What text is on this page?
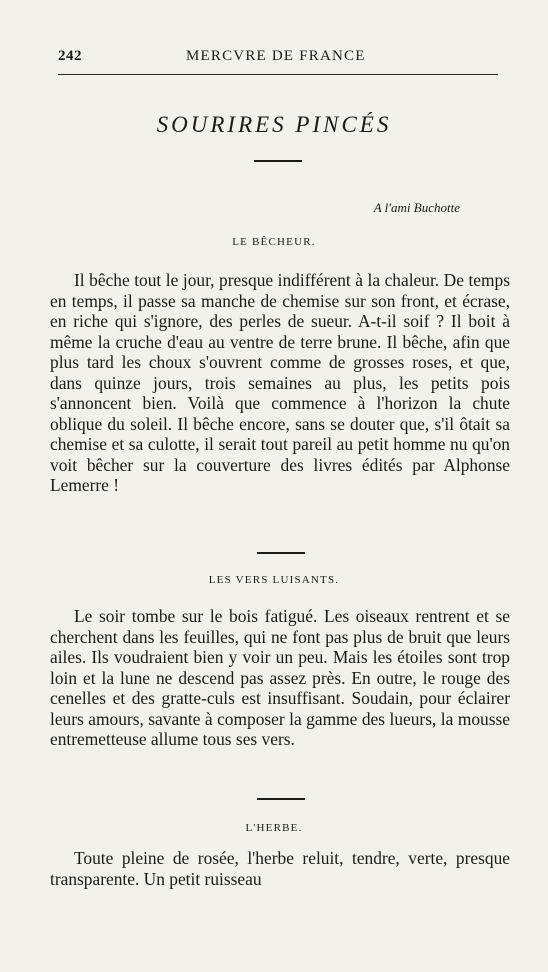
242	MERCVRE DE FRANCE
SOURIRES PINCÉS
A l'ami Buchotte
LE BÊCHEUR.

Il bêche tout le jour, presque indifférent à la chaleur. De temps en temps, il passe sa manche de chemise sur son front, et écrase, en riche qui s'ignore, des perles de sueur. A-t-il soif ? Il boit à même la cruche d'eau au ventre de terre brune. Il bêche, afin que plus tard les choux s'ouvrent comme de grosses roses, et que, dans quinze jours, trois semaines au plus, les petits pois s'annoncent bien. Voilà que commence à l'horizon la chute oblique du soleil. Il bêche encore, sans se douter que, s'il ôtait sa chemise et sa culotte, il serait tout pareil au petit homme nu qu'on voit bêcher sur la couverture des livres édités par Alphonse Lemerre !

LES VERS LUISANTS.

Le soir tombe sur le bois fatigué. Les oiseaux rentrent et se cherchent dans les feuilles, qui ne font pas plus de bruit que leurs ailes. Ils voudraient bien y voir un peu. Mais les étoiles sont trop loin et la lune ne descend pas assez près. En outre, le rouge des cenelles et des gratte-culs est insuffisant. Soudain, pour éclairer leurs amours, savante à composer la gamme des lueurs, la mousse entremetteuse allume tous ses vers.

L'HERBE.

Toute pleine de rosée, l'herbe reluit, tendre, verte, presque transparente. Un petit ruisseau
